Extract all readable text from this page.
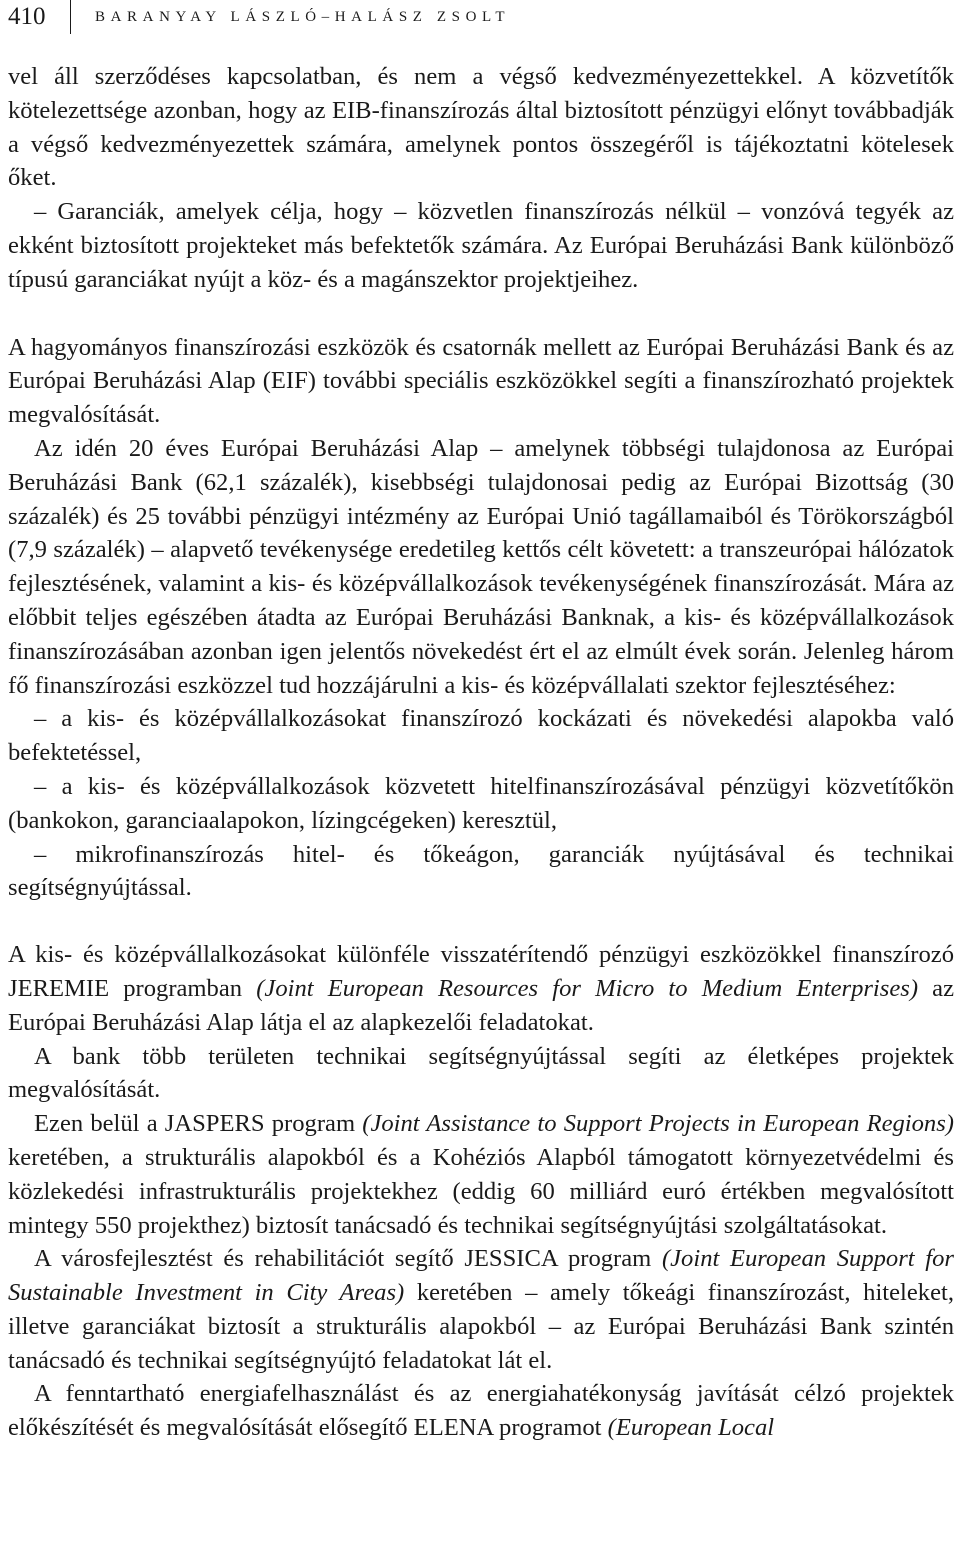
410	BARANYAY LÁSZLÓ–HALÁSZ ZSOLT

vel áll szerződéses kapcsolatban, és nem a végső kedvezményezettekkel. A közvetítők kötelezettsége azonban, hogy az EIB-finanszírozás által biztosított pénzügyi előnyt továbbadják a végső kedvezményezettek számára, amelynek pontos összegéről is tájékoztatni kötelesek őket.

– Garanciák, amelyek célja, hogy – közvetlen finanszírozás nélkül – vonzóvá tegyék az ekként biztosított projekteket más befektetők számára. Az Európai Beruházási Bank különböző típusú garanciákat nyújt a köz- és a magánszektor projektjeihez.

A hagyományos finanszírozási eszközök és csatornák mellett az Európai Beruházási Bank és az Európai Beruházási Alap (EIF) további speciális eszközökkel segíti a finanszírozható projektek megvalósítását.

Az idén 20 éves Európai Beruházási Alap – amelynek többségi tulajdonosa az Európai Beruházási Bank (62,1 százalék), kisebbségi tulajdonosai pedig az Európai Bizottság (30 százalék) és 25 további pénzügyi intézmény az Európai Unió tagállamaiból és Törökországból (7,9 százalék) – alapvető tevékenysége eredetileg kettős célt követett: a transzeurópai hálózatok fejlesztésének, valamint a kis- és középvállalkozások tevékenységének finanszírozását. Mára az előbbit teljes egészében átadta az Európai Beruházási Banknak, a kis- és középvállalkozások finanszírozásában azonban igen jelentős növekedést ért el az elmúlt évek során. Jelenleg három fő finanszírozási eszközzel tud hozzájárulni a kis- és középvállalati szektor fejlesztéséhez:

– a kis- és középvállalkozásokat finanszírozó kockázati és növekedési alapokba való befektetéssel,

– a kis- és középvállalkozások közvetett hitelfinanszírozásával pénzügyi közvetítőkön (bankokon, garanciaalapokon, lízingcégeken) keresztül,

– mikrofinanszírozás hitel- és tőkeágon, garanciák nyújtásával és technikai segítségnyújtással.

A kis- és középvállalkozásokat különféle visszatérítendő pénzügyi eszközökkel finanszírozó JEREMIE programban (Joint European Resources for Micro to Medium Enterprises) az Európai Beruházási Alap látja el az alapkezelői feladatokat.

A bank több területen technikai segítségnyújtással segíti az életképes projektek megvalósítását.

Ezen belül a JASPERS program (Joint Assistance to Support Projects in European Regions) keretében, a strukturális alapokból és a Kohéziós Alapból támogatott környezetvédelmi és közlekedési infrastrukturális projektekhez (eddig 60 milliárd euró értékben megvalósított mintegy 550 projekthez) biztosít tanácsadó és technikai segítségnyújtási szolgáltatásokat.

A városfejlesztést és rehabilitációt segítő JESSICA program (Joint European Support for Sustainable Investment in City Areas) keretében – amely tőkeági finanszírozást, hiteleket, illetve garanciákat biztosít a strukturális alapokból – az Európai Beruházási Bank szintén tanácsadó és technikai segítségnyújtó feladatokat lát el.

A fenntartható energiafelhasználást és az energiahatékonyság javítását célzó projektek előkészítését és megvalósítását elősegítő ELENA programot (European Local
